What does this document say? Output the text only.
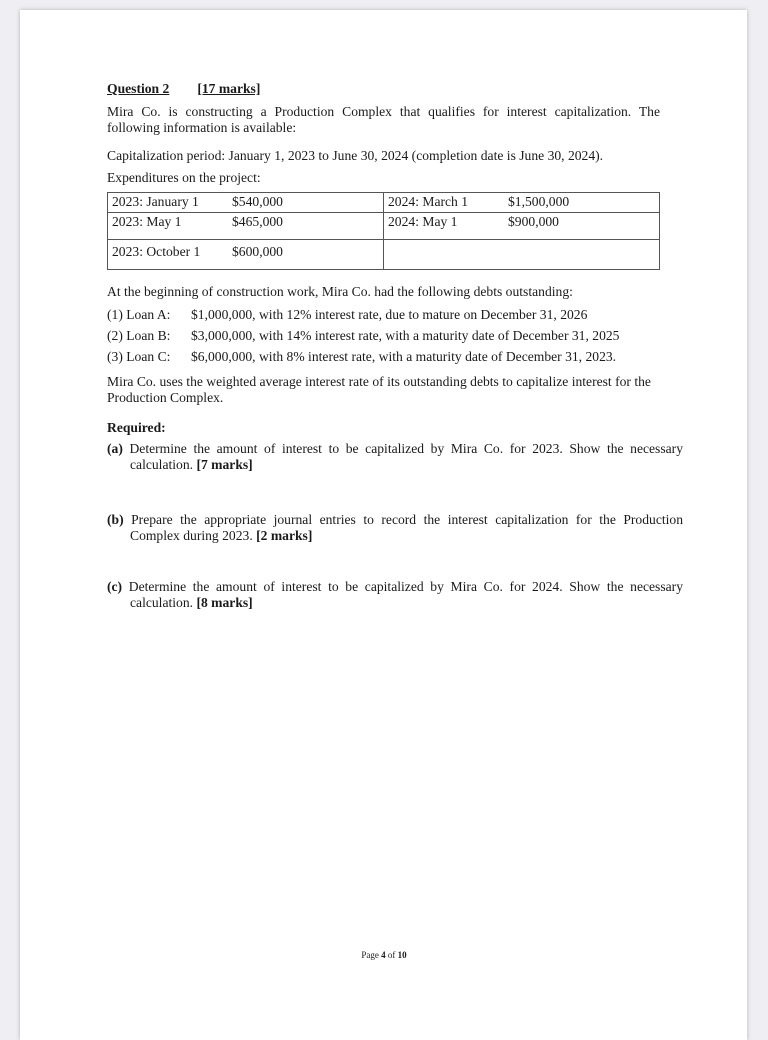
Question 2 [17 marks]
Mira Co. is constructing a Production Complex that qualifies for interest capitalization. The following information is available:
Capitalization period: January 1, 2023 to June 30, 2024 (completion date is June 30, 2024).
Expenditures on the project:
2023: January 1 $540,000	2024: March 1 $1,500,000
2023: May 1 $465,000	2024: May 1 $900,000
2023: October 1 $600,000	
At the beginning of construction work, Mira Co. had the following debts outstanding:
(1) Loan A: $1,000,000, with 12% interest rate, due to mature on December 31, 2026
(2) Loan B: $3,000,000, with 14% interest rate, with a maturity date of December 31, 2025
(3) Loan C: $6,000,000, with 8% interest rate, with a maturity date of December 31, 2023.
Mira Co. uses the weighted average interest rate of its outstanding debts to capitalize interest for the Production Complex.
Required:
(a) Determine the amount of interest to be capitalized by Mira Co. for 2023. Show the necessary calculation. [7 marks]
(b) Prepare the appropriate journal entries to record the interest capitalization for the Production Complex during 2023. [2 marks]
(c) Determine the amount of interest to be capitalized by Mira Co. for 2024. Show the necessary calculation. [8 marks]
Page 4 of 10
